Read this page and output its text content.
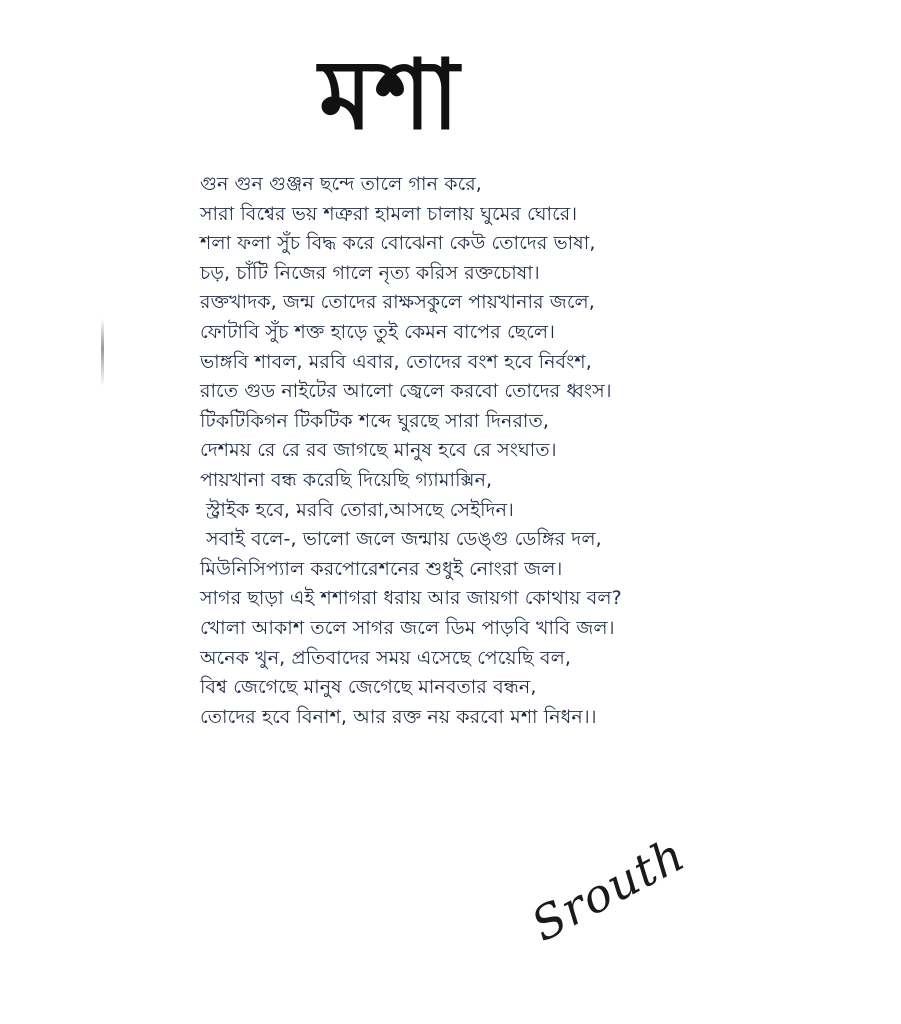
মশা
গুন গুন গুঞ্জন ছন্দে তালে গান করে,
সারা বিশ্বের ভয় শত্রুরা হামলা চালায় ঘুমের ঘোরে।
শলা ফলা সুঁচ বিদ্ধ করে বোঝেনা কেউ তোদের ভাষা,
চড়, চাঁটি নিজের গালে নৃত্য করিস রক্তচোষা।
রক্তখাদক, জন্ম তোদের রাক্ষসকুলে পায়খানার জলে,
ফোটাবি সুঁচ শক্ত হাড়ে তুই কেমন বাপের ছেলে।
ভাঙ্গবি শাবল, মরবি এবার, তোদের বংশ হবে নির্বংশ,
রাতে গুড নাইটের আলো জ্বেলে করবো তোদের ধ্বংস।
টিকটিকিগন টিকটিক শব্দে ঘুরছে সারা দিনরাত,
দেশময় রে রে রব জাগছে মানুষ হবে রে সংঘাত।
পায়খানা বন্ধ করেছি দিয়েছি গ্যামাক্সিন,
স্ট্রাইক হবে, মরবি তোরা,আসছে সেইদিন।
সবাই বলে-, ভালো জলে জন্মায় ডেঙ্গু ডেঙ্গির দল,
মিউনিসিপ্যাল করপোরেশনের শুধুই নোংরা জল।
সাগর ছাড়া এই শশাগরা ধরায় আর জায়গা কোথায় বল?
খোলা আকাশ তলে সাগর জলে ডিম পাড়বি খাবি জল।
অনেক খুন, প্রতিবাদের সময় এসেছে পেয়েছি বল,
বিশ্ব জেগেছে মানুষ জেগেছে মানবতার বন্ধন,
তোদের হবে বিনাশ, আর রক্ত নয় করবো মশা নিধন।।
Srouth
